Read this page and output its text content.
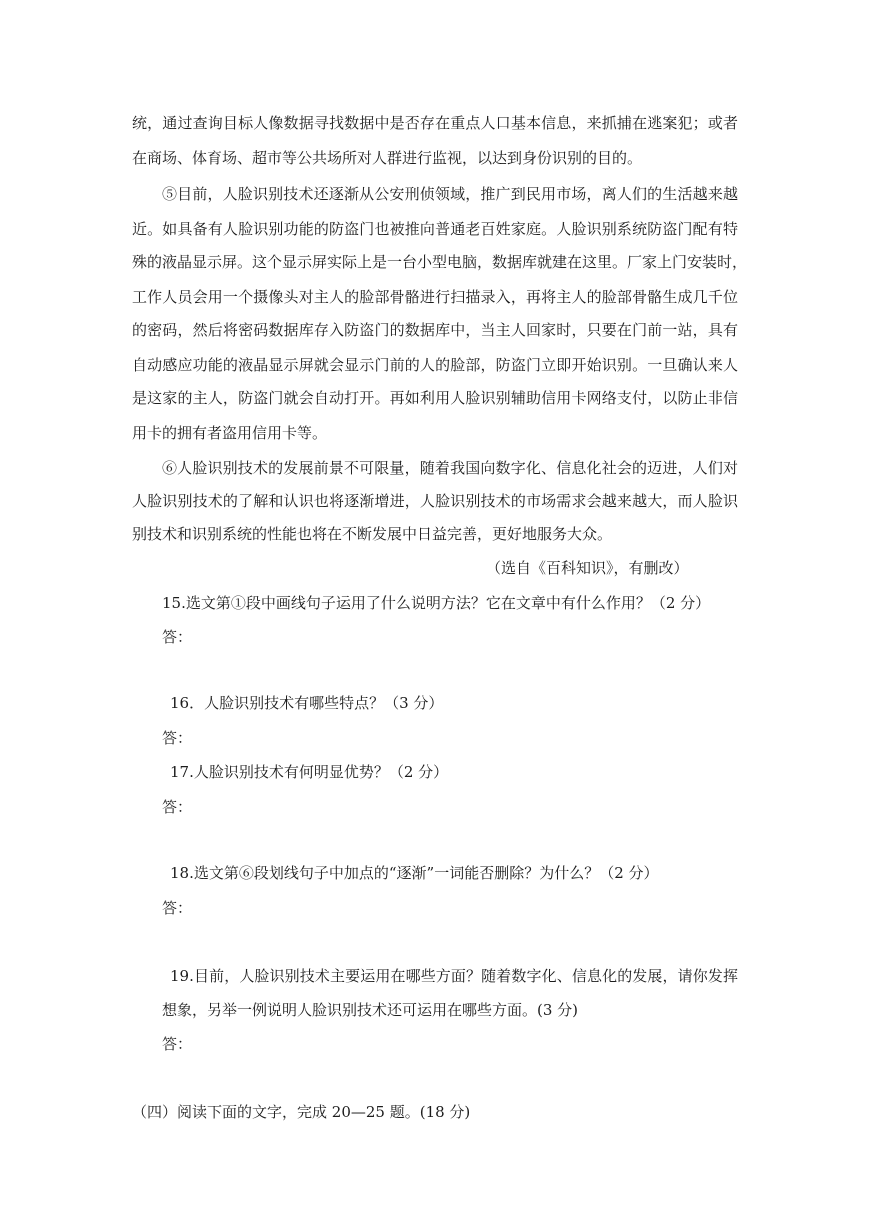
统，通过查询目标人像数据寻找数据中是否存在重点人口基本信息，来抓捕在逃案犯；或者
在商场、体育场、超市等公共场所对人群进行监视，以达到身份识别的目的。
⑤目前，人脸识别技术还逐渐从公安刑侦领域，推广到民用市场，离人们的生活越来越
近。如具备有人脸识别功能的防盗门也被推向普通老百姓家庭。人脸识别系统防盗门配有特
殊的液晶显示屏。这个显示屏实际上是一台小型电脑，数据库就建在这里。厂家上门安装时，
工作人员会用一个摄像头对主人的脸部骨骼进行扫描录入，再将主人的脸部骨骼生成几千位
的密码，然后将密码数据库存入防盗门的数据库中，当主人回家时，只要在门前一站，具有
自动感应功能的液晶显示屏就会显示门前的人的脸部，防盗门立即开始识别。一旦确认来人
是这家的主人，防盗门就会自动打开。再如利用人脸识别辅助信用卡网络支付，以防止非信
用卡的拥有者盗用信用卡等。
⑥人脸识别技术的发展前景不可限量，随着我国向数字化、信息化社会的迈进，人们对
人脸识别技术的了解和认识也将逐渐增进，人脸识别技术的市场需求会越来越大，而人脸识
别技术和识别系统的性能也将在不断发展中日益完善，更好地服务大众。
（选自《百科知识》，有删改）
15.选文第①段中画线句子运用了什么说明方法？它在文章中有什么作用？（2 分）
答：
16．人脸识别技术有哪些特点？（3 分）
答：
17.人脸识别技术有何明显优势？（2 分）
答：
18.选文第⑥段划线句子中加点的“逐渐”一词能否删除？为什么？（2 分）
答：
19.目前，人脸识别技术主要运用在哪些方面？随着数字化、信息化的发展，请你发挥
想象，另举一例说明人脸识别技术还可运用在哪些方面。(3 分)
答：
（四）阅读下面的文字，完成 20—25 题。(18 分)
